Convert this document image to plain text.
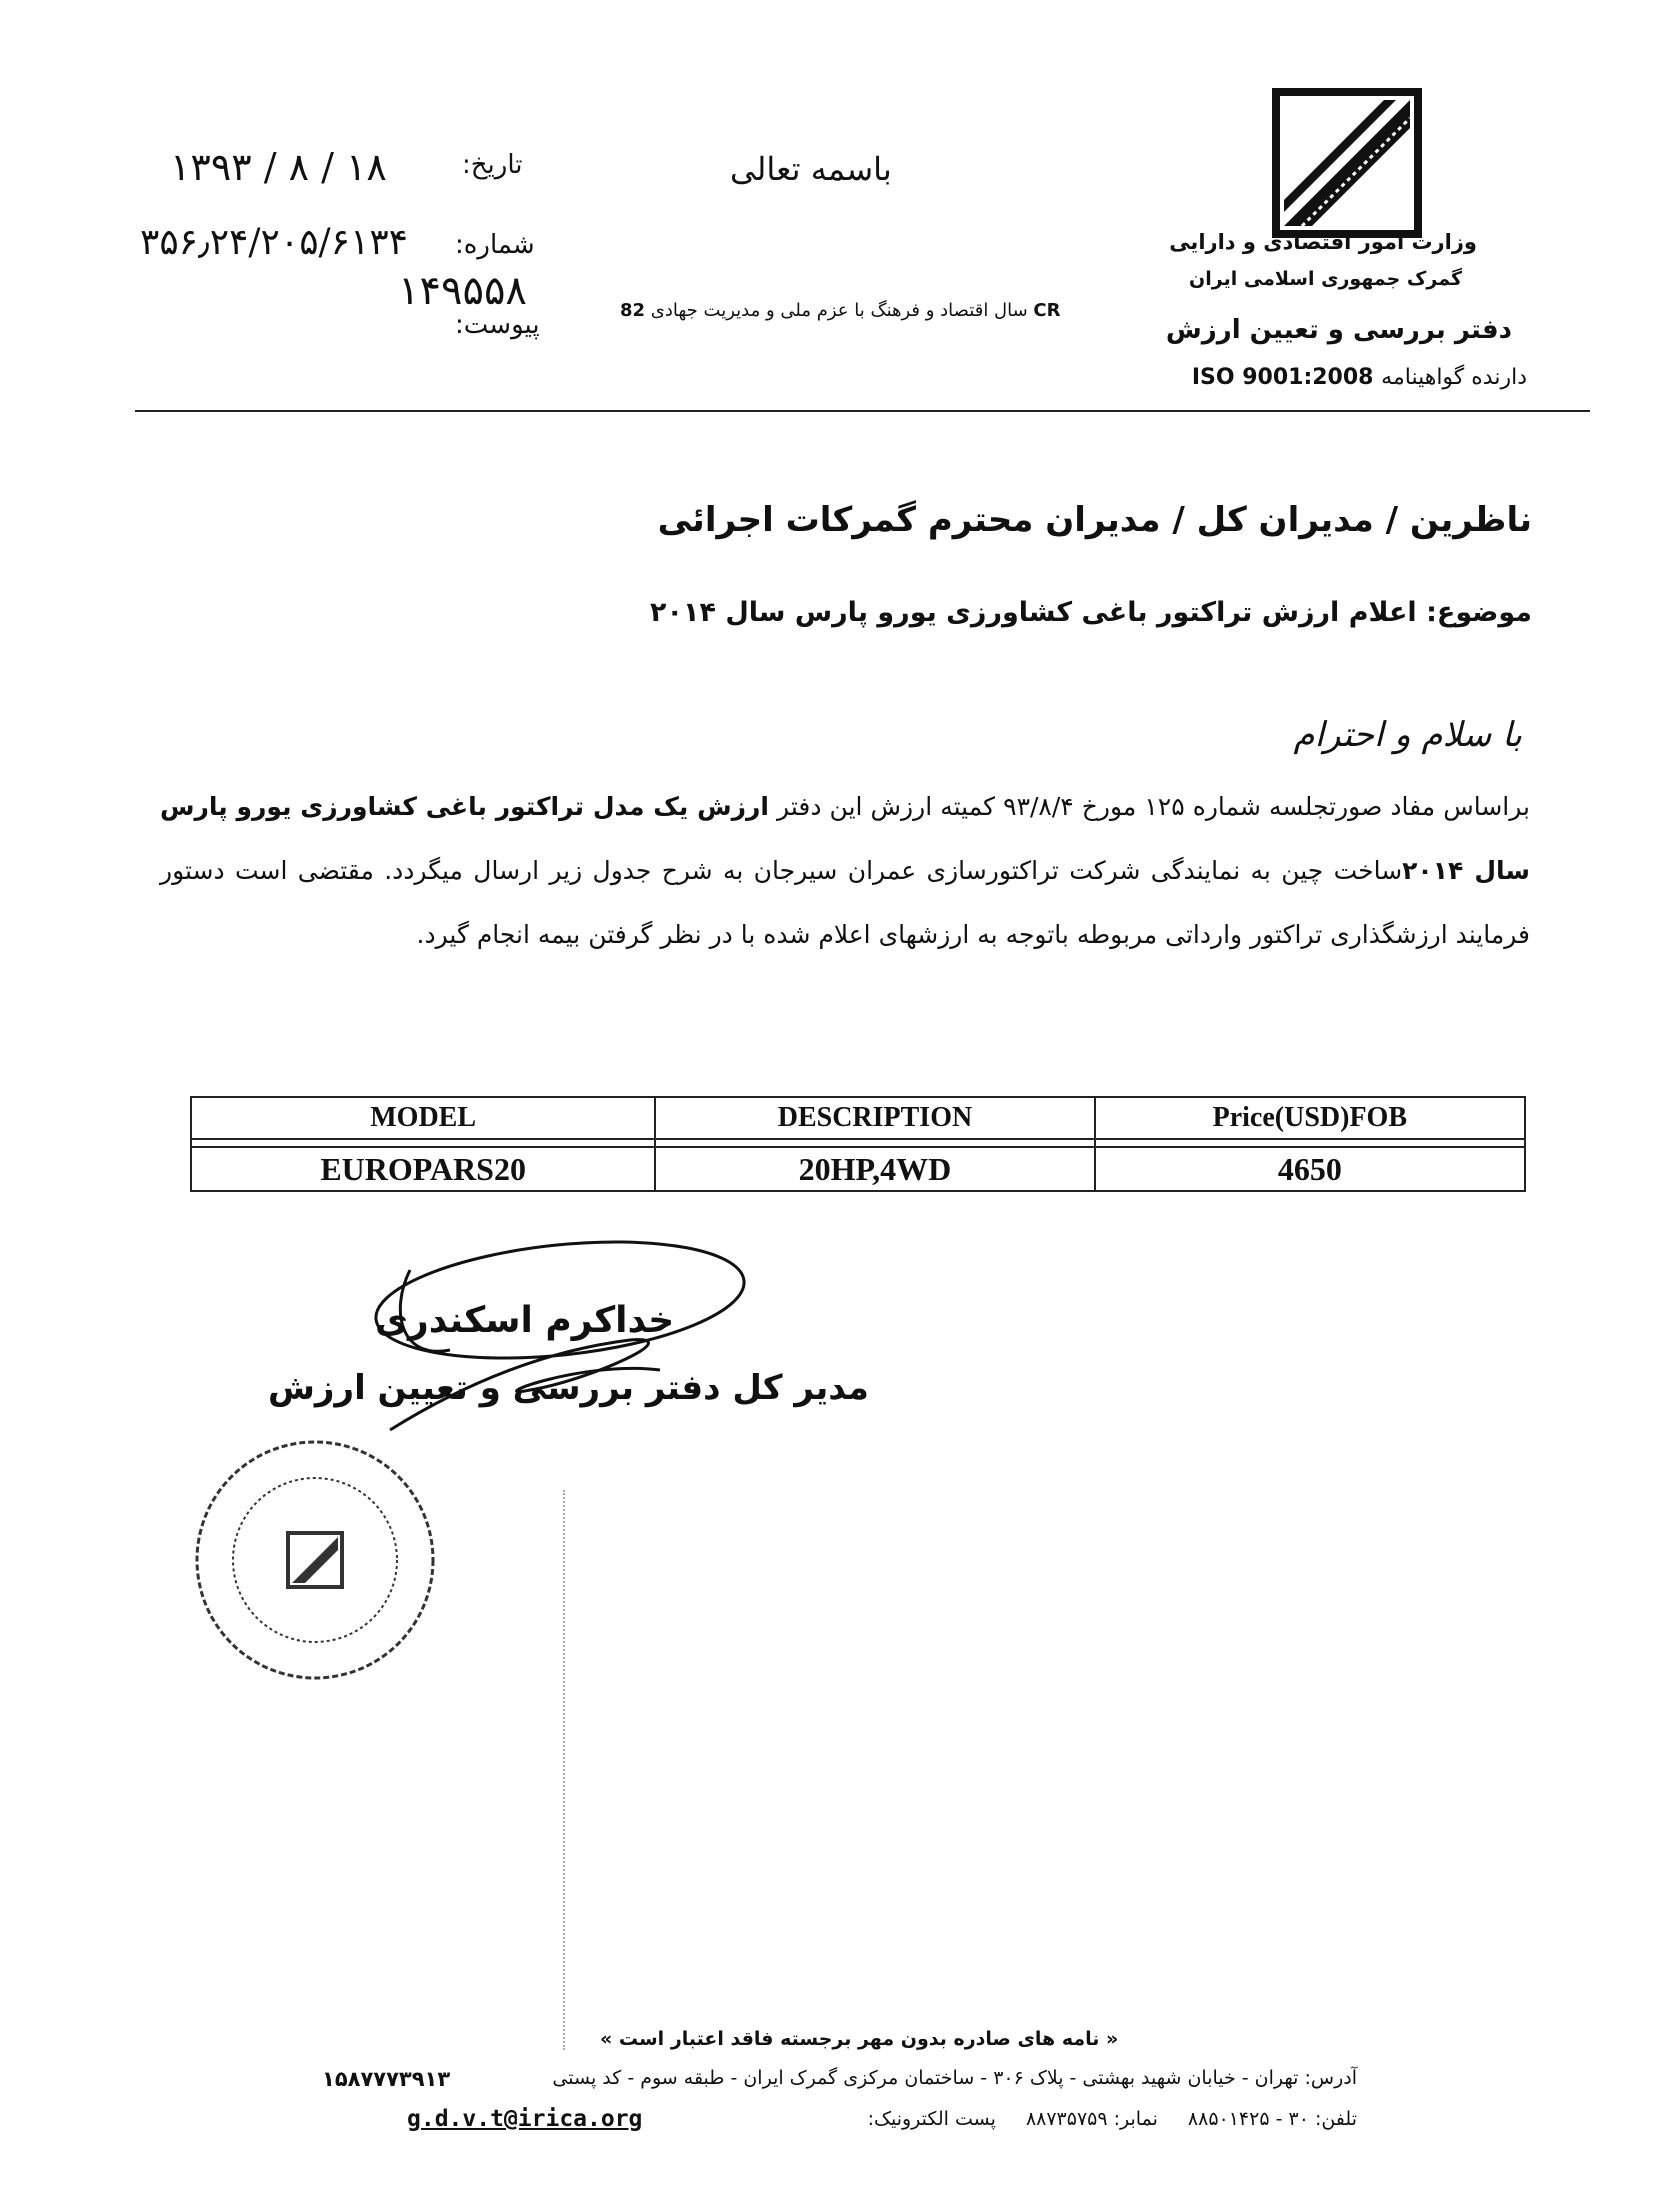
وزارت امور اقتصادی و دارایی
گمرک جمهوری اسلامی ایران
دفتر بررسی و تعیین ارزش
دارنده گواهینامه ISO 9001:2008
باسمه تعالی
CR سال اقتصاد و فرهنگ با عزم ملی و مدیریت جهادی 82
تاریخ:
۱۳۹۳ / ۸ / ۱۸
شماره:
۳۵۶٫۲۴/۲۰۵/۶۱۳۴
۱۴۹۵۵۸
پیوست:
ناظرین / مدیران کل / مدیران محترم گمرکات اجرائی
موضوع: اعلام ارزش تراکتور باغی کشاورزی یورو پارس سال ۲۰۱۴
با سلام و احترام
براساس مفاد صورتجلسه شماره ۱۲۵ مورخ ۹۳/۸/۴ کمیته ارزش این دفتر ارزش یک مدل تراکتور باغی کشاورزی یورو پارس سال ۲۰۱۴ساخت چین به نمایندگی شرکت تراکتورسازی عمران سیرجان به شرح جدول زیر ارسال میگردد. مقتضی است دستور فرمایند ارزشگذاری تراکتور وارداتی مربوطه باتوجه به ارزشهای اعلام شده با در نظر گرفتن بیمه انجام گیرد.
MODEL	DESCRIPTION	Price(USD)FOB

EUROPARS20	20HP,4WD	4650
خداکرم اسکندری
مدیر کل دفتر بررسی و تعیین ارزش
« نامه های صادره بدون مهر برجسته فاقد اعتبار است »
آدرس: تهران - خیابان شهید بهشتی - پلاک ۳۰۶ - ساختمان مرکزی گمرک ایران - طبقه سوم - کد پستی
۱۵۸۷۷۷۳۹۱۳
تلفن: ۳۰ - ۸۸۵۰۱۴۲۵ نمابر: ۸۸۷۳۵۷۵۹ پست الکترونیک:
g.d.v.t@irica.org
